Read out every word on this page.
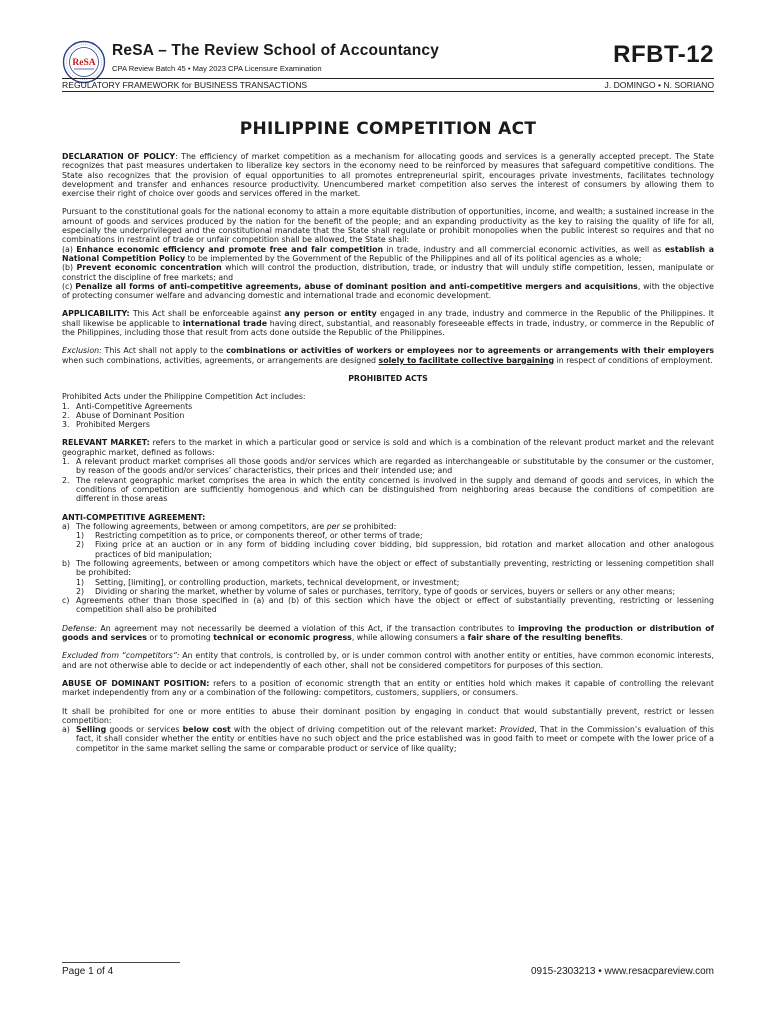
ReSA
ReSA – The Review School of Accountancy
CPA Review Batch 45 • May 2023 CPA Licensure Examination
RFBT-12
REGULATORY FRAMEWORK for BUSINESS TRANSACTIONS	J. DOMINGO • N. SORIANO
PHILIPPINE COMPETITION ACT

DECLARATION OF POLICY: The efficiency of market competition as a mechanism for allocating goods and services is a generally accepted precept. The State recognizes that past measures undertaken to liberalize key sectors in the economy need to be reinforced by measures that safeguard competitive conditions. The State also recognizes that the provision of equal opportunities to all promotes entrepreneurial spirit, encourages private investments, facilitates technology development and transfer and enhances resource productivity. Unencumbered market competition also serves the interest of consumers by allowing them to exercise their right of choice over goods and services offered in the market.

Pursuant to the constitutional goals for the national economy to attain a more equitable distribution of opportunities, income, and wealth; a sustained increase in the amount of goods and services produced by the nation for the benefit of the people; and an expanding productivity as the key to raising the quality of life for all, especially the underprivileged and the constitutional mandate that the State shall regulate or prohibit monopolies when the public interest so requires and that no combinations in restraint of trade or unfair competition shall be allowed, the State shall:

(a) Enhance economic efficiency and promote free and fair competition in trade, industry and all commercial economic activities, as well as establish a National Competition Policy to be implemented by the Government of the Republic of the Philippines and all of its political agencies as a whole;

(b) Prevent economic concentration which will control the production, distribution, trade, or industry that will unduly stifle competition, lessen, manipulate or constrict the discipline of free markets; and

(c) Penalize all forms of anti-competitive agreements, abuse of dominant position and anti-competitive mergers and acquisitions, with the objective of protecting consumer welfare and advancing domestic and international trade and economic development.

APPLICABILITY: This Act shall be enforceable against any person or entity engaged in any trade, industry and commerce in the Republic of the Philippines. It shall likewise be applicable to international trade having direct, substantial, and reasonably foreseeable effects in trade, industry, or commerce in the Republic of the Philippines, including those that result from acts done outside the Republic of the Philippines.

Exclusion: This Act shall not apply to the combinations or activities of workers or employees nor to agreements or arrangements with their employers when such combinations, activities, agreements, or arrangements are designed solely to facilitate collective bargaining in respect of conditions of employment.

PROHIBITED ACTS

Prohibited Acts under the Philippine Competition Act includes:

1. Anti-Competitive Agreements
2. Abuse of Dominant Position
3. Prohibited Mergers

RELEVANT MARKET: refers to the market in which a particular good or service is sold and which is a combination of the relevant product market and the relevant geographic market, defined as follows:

1. A relevant product market comprises all those goods and/or services which are regarded as interchangeable or substitutable by the consumer or the customer, by reason of the goods and/or services’ characteristics, their prices and their intended use; and
2. The relevant geographic market comprises the area in which the entity concerned is involved in the supply and demand of goods and services, in which the conditions of competition are sufficiently homogenous and which can be distinguished from neighboring areas because the conditions of competition are different in those areas

ANTI-COMPETITIVE AGREEMENT:

a) The following agreements, between or among competitors, are per se prohibited:
1)	Restricting competition as to price, or components thereof, or other terms of trade;
2)	Fixing price at an auction or in any form of bidding including cover bidding, bid suppression, bid rotation and market allocation and other analogous practices of bid manipulation;
b) The following agreements, between or among competitors which have the object or effect of substantially preventing, restricting or lessening competition shall be prohibited:
1)	Setting, [limiting], or controlling production, markets, technical development, or investment;
2)	Dividing or sharing the market, whether by volume of sales or purchases, territory, type of goods or services, buyers or sellers or any other means;
c) Agreements other than those specified in (a) and (b) of this section which have the object or effect of substantially preventing, restricting or lessening competition shall also be prohibited

Defense: An agreement may not necessarily be deemed a violation of this Act, if the transaction contributes to improving the production or distribution of goods and services or to promoting technical or economic progress, while allowing consumers a fair share of the resulting benefits.

Excluded from “competitors”: An entity that controls, is controlled by, or is under common control with another entity or entities, have common economic interests, and are not otherwise able to decide or act independently of each other, shall not be considered competitors for purposes of this section.

ABUSE OF DOMINANT POSITION: refers to a position of economic strength that an entity or entities hold which makes it capable of controlling the relevant market independently from any or a combination of the following: competitors, customers, suppliers, or consumers.

It shall be prohibited for one or more entities to abuse their dominant position by engaging in conduct that would substantially prevent, restrict or lessen competition:

a) Selling goods or services below cost with the object of driving competition out of the relevant market: Provided, That in the Commission’s evaluation of this fact, it shall consider whether the entity or entities have no such object and the price established was in good faith to meet or compete with the lower price of a competitor in the same market selling the same or comparable product or service of like quality;
Page 1 of 4	0915-2303213 • www.resacpareview.com
